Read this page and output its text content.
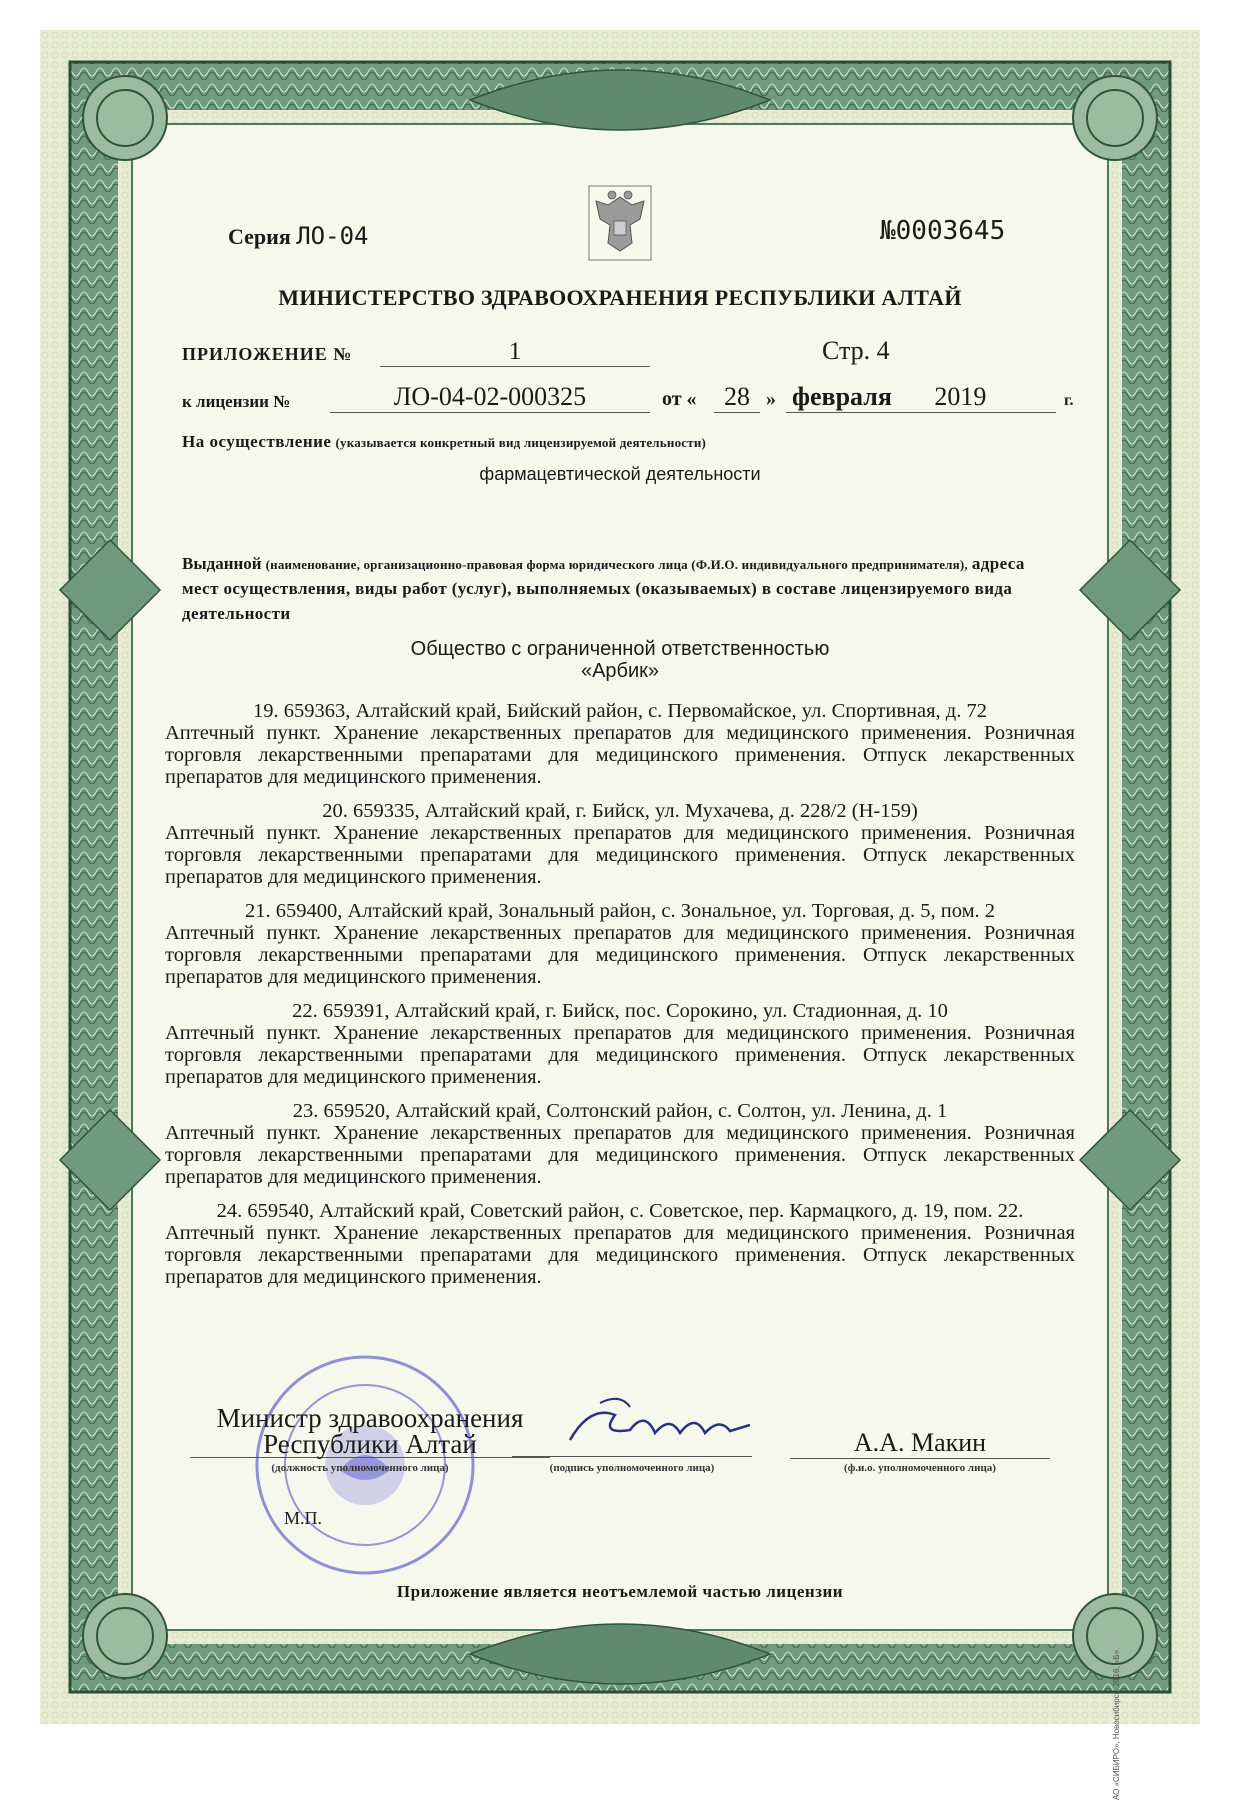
Серия ЛО-04	№0003645
МИНИСТЕРСТВО ЗДРАВООХРАНЕНИЯ РЕСПУБЛИКИ АЛТАЙ
ПРИЛОЖЕНИЕ №	1	Стр. 4
к лицензии №	ЛО-04-02-000325	от «	28 » февраля 2019	г.
На осуществление (указывается конкретный вид лицензируемой деятельности)
фармацевтической деятельности
Выданной (наименование, организационно-правовая форма юридического лица (Ф.И.О. индивидуального предпринимателя), адреса мест осуществления, виды работ (услуг), выполняемых (оказываемых) в составе лицензируемого вида деятельности
Общество с ограниченной ответственностью
«Арбик»
19. 659363, Алтайский край, Бийский район, с. Первомайское, ул. Спортивная, д. 72
Аптечный пункт. Хранение лекарственных препаратов для медицинского применения. Розничная торговля лекарственными препаратами для медицинского применения. Отпуск лекарственных препаратов для медицинского применения.
20. 659335, Алтайский край, г. Бийск, ул. Мухачева, д. 228/2 (Н-159)
Аптечный пункт. Хранение лекарственных препаратов для медицинского применения. Розничная торговля лекарственными препаратами для медицинского применения. Отпуск лекарственных препаратов для медицинского применения.
21. 659400, Алтайский край, Зональный район, с. Зональное, ул. Торговая, д. 5, пом. 2
Аптечный пункт. Хранение лекарственных препаратов для медицинского применения. Розничная торговля лекарственными препаратами для медицинского применения. Отпуск лекарственных препаратов для медицинского применения.
22. 659391, Алтайский край, г. Бийск, пос. Сорокино, ул. Стадионная, д. 10
Аптечный пункт. Хранение лекарственных препаратов для медицинского применения. Розничная торговля лекарственными препаратами для медицинского применения. Отпуск лекарственных препаратов для медицинского применения.
23. 659520, Алтайский край, Солтонский район, с. Солтон, ул. Ленина, д. 1
Аптечный пункт. Хранение лекарственных препаратов для медицинского применения. Розничная торговля лекарственными препаратами для медицинского применения. Отпуск лекарственных препаратов для медицинского применения.
24. 659540, Алтайский край, Советский район, с. Советское, пер. Кармацкого, д. 19, пом. 22.
Аптечный пункт. Хранение лекарственных препаратов для медицинского применения. Розничная торговля лекарственными препаратами для медицинского применения. Отпуск лекарственных препаратов для медицинского применения.
Министр здравоохранения
Республики Алтай
(должность уполномоченного лица)	(подпись уполномоченного лица)
А.А. Макин
(ф.и.о. уполномоченного лица)
М.П.
Приложение является неотъемлемой частью лицензии
АО «СИБИРО», Новосибирск, 2016, «Б».
